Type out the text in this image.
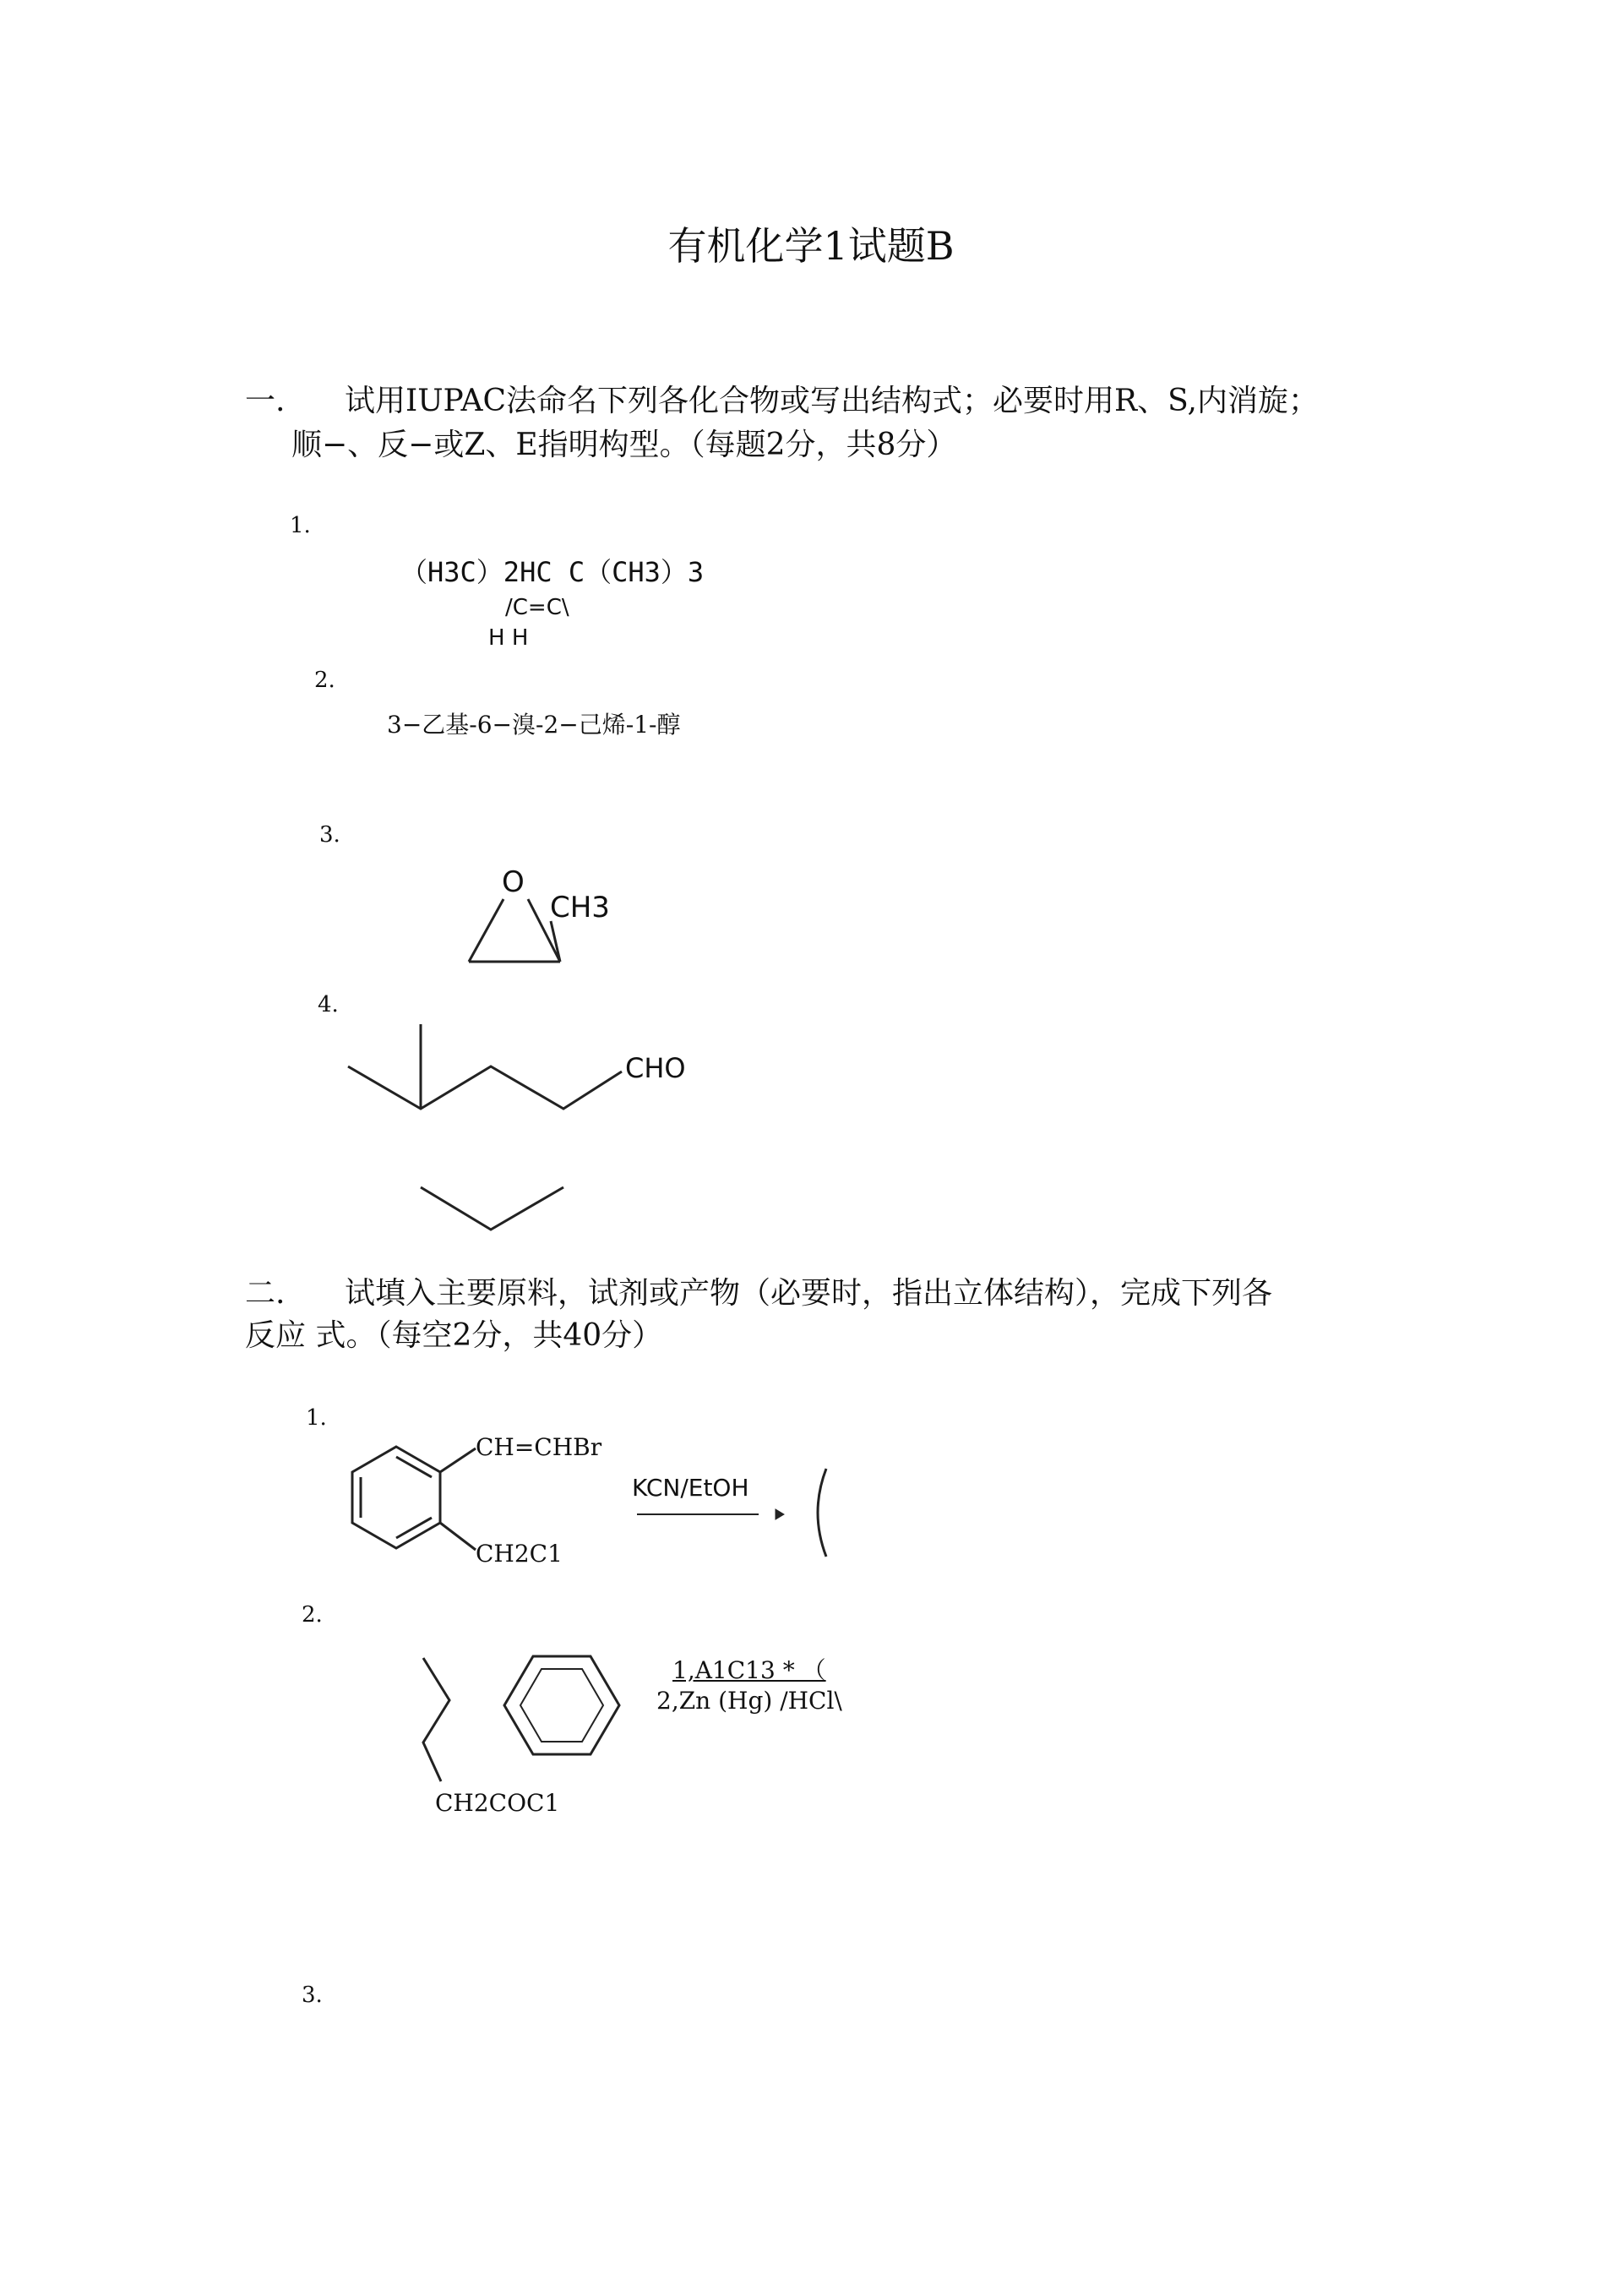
有机化学1试题B
一. 试用IUPAC法命名下列各化合物或写出结构式；必要时用R、S,内消旋；
顺−、反−或Z、E指明构型。（每题2分，共8分）
1.
（H3C）2HC C（CH3）3
/C=C\
H H
2.
3−乙基-6−溴-2−己烯-1-醇
3.
O
CH3
4.
CHO
二. 试填入主要原料，试剂或产物（必要时，指出立体结构），完成下列各
反应 式。（每空2分，共40分）
1.
CH=CHBr
CH2C1
KCN/EtOH
2.
CH2COC1
1,A1C13 * （
2,Zn (Hg) /HCl\
3.
